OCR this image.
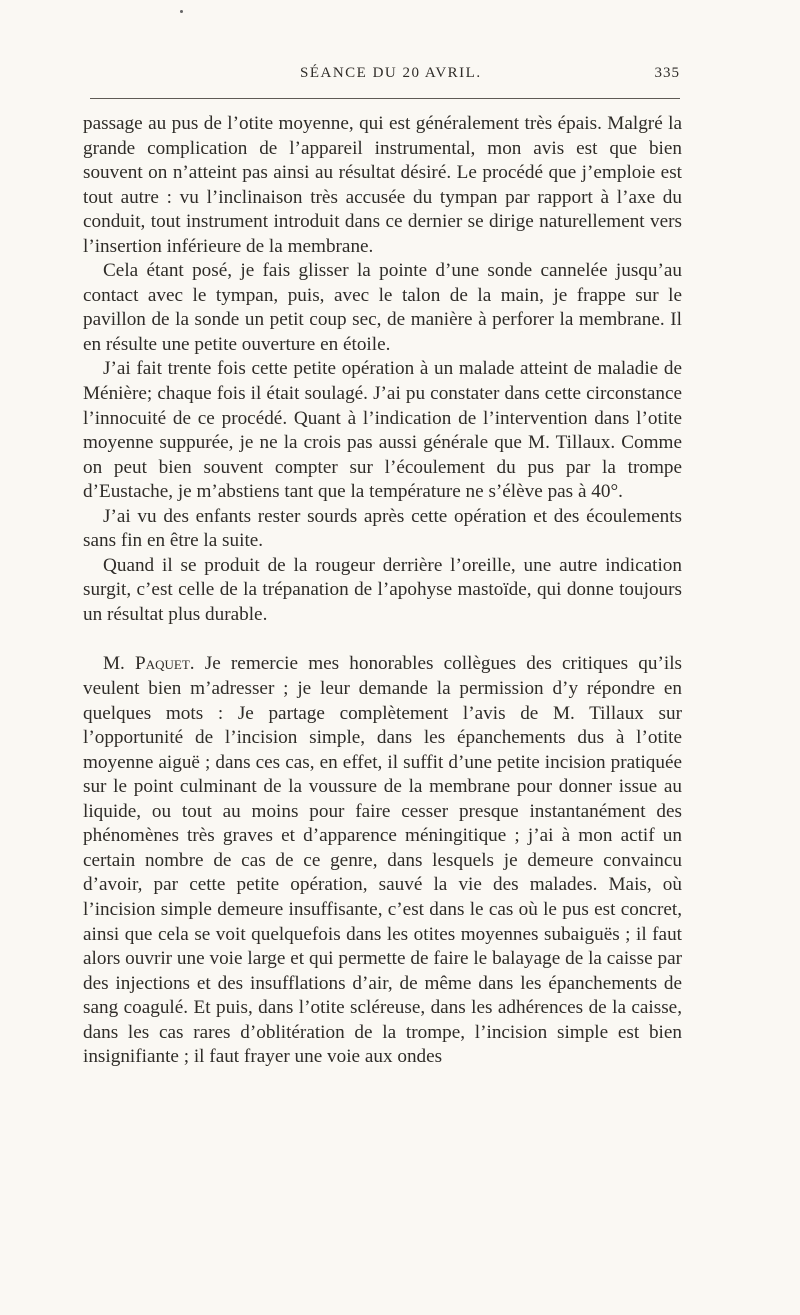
SÉANCE DU 20 AVRIL.	335

passage au pus de l’otite moyenne, qui est généralement très épais. Malgré la grande complication de l’appareil instrumental, mon avis est que bien souvent on n’atteint pas ainsi au résultat désiré. Le procédé que j’emploie est tout autre : vu l’inclinaison très accusée du tympan par rapport à l’axe du conduit, tout instrument introduit dans ce dernier se dirige naturellement vers l’insertion inférieure de la membrane.

Cela étant posé, je fais glisser la pointe d’une sonde cannelée jusqu’au contact avec le tympan, puis, avec le talon de la main, je frappe sur le pavillon de la sonde un petit coup sec, de manière à perforer la membrane. Il en résulte une petite ouverture en étoile.

J’ai fait trente fois cette petite opération à un malade atteint de maladie de Ménière; chaque fois il était soulagé. J’ai pu constater dans cette circonstance l’innocuité de ce procédé. Quant à l’indication de l’intervention dans l’otite moyenne suppurée, je ne la crois pas aussi générale que M. Tillaux. Comme on peut bien souvent compter sur l’écoulement du pus par la trompe d’Eustache, je m’abstiens tant que la température ne s’élève pas à 40°.

J’ai vu des enfants rester sourds après cette opération et des écoulements sans fin en être la suite.

Quand il se produit de la rougeur derrière l’oreille, une autre indication surgit, c’est celle de la trépanation de l’apohyse mastoïde, qui donne toujours un résultat plus durable.

M. Paquet. Je remercie mes honorables collègues des critiques qu’ils veulent bien m’adresser ; je leur demande la permission d’y répondre en quelques mots : Je partage complètement l’avis de M. Tillaux sur l’opportunité de l’incision simple, dans les épanchements dus à l’otite moyenne aiguë ; dans ces cas, en effet, il suffit d’une petite incision pratiquée sur le point culminant de la voussure de la membrane pour donner issue au liquide, ou tout au moins pour faire cesser presque instantanément des phénomènes très graves et d’apparence méningitique ; j’ai à mon actif un certain nombre de cas de ce genre, dans lesquels je demeure convaincu d’avoir, par cette petite opération, sauvé la vie des malades. Mais, où l’incision simple demeure insuffisante, c’est dans le cas où le pus est concret, ainsi que cela se voit quelquefois dans les otites moyennes subaiguës ; il faut alors ouvrir une voie large et qui permette de faire le balayage de la caisse par des injections et des insufflations d’air, de même dans les épanchements de sang coagulé. Et puis, dans l’otite scléreuse, dans les adhérences de la caisse, dans les cas rares d’oblitération de la trompe, l’incision simple est bien insignifiante ; il faut frayer une voie aux ondes
